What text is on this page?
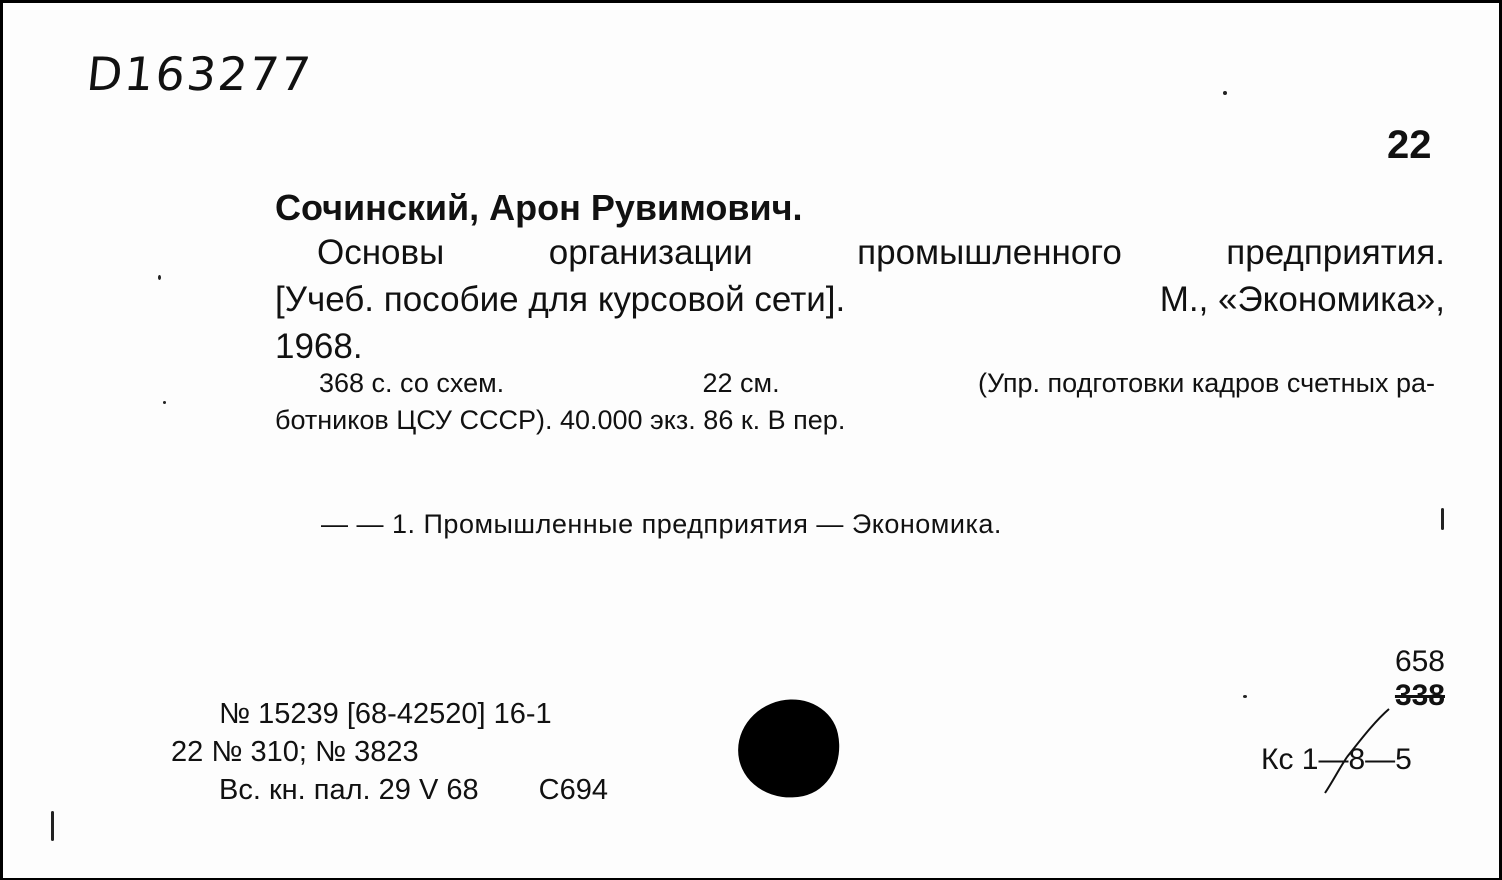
D163277
22
Сочинский, Арон Рувимович.
Основы	организации	промышленного	предприятия.
[Учеб. пособие для курсовой сети].	М., «Экономика»,
1968.
368 с. со схем.	22 см.	(Упр. подготовки кадров счетных ра-
ботников ЦСУ СССР). 40.000 экз. 86 к. В пер.
— — 1. Промышленные предприятия — Экономика.
№ 15239 [68-42520] 16-1
22 № 310; № 3823
Вс. кн. пал. 29 V 68 С694
658
338
Кс 1—8—5
